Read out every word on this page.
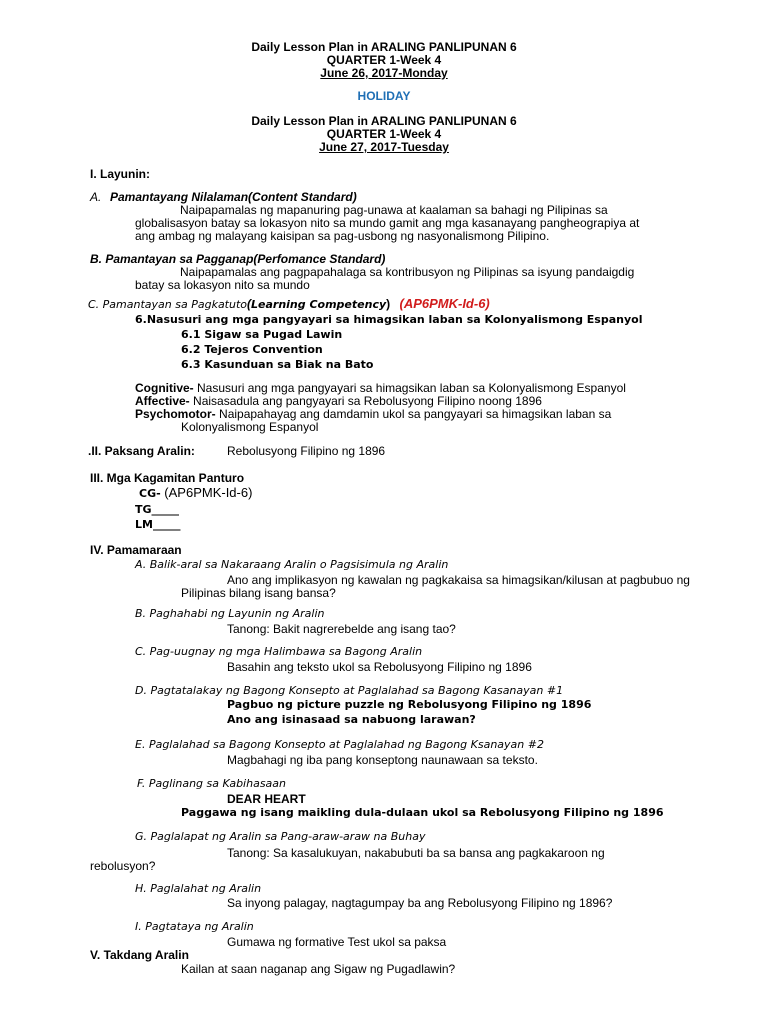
Daily Lesson Plan in ARALING PANLIPUNAN 6
QUARTER 1-Week 4
June 26, 2017-Monday
HOLIDAY
Daily Lesson Plan in ARALING PANLIPUNAN 6
QUARTER 1-Week 4
June 27, 2017-Tuesday
I. Layunin:
A. Pamantayang Nilalaman(Content Standard)
Naipapamalas ng mapanuring pag-unawa at kaalaman sa bahagi ng Pilipinas sa
globalisasyon batay sa lokasyon nito sa mundo gamit ang mga kasanayang pangheograpiya at
ang ambag ng malayang kaisipan sa pag-usbong ng nasyonalismong Pilipino.
B. Pamantayan sa Pagganap(Perfomance Standard)
Naipapamalas ang pagpapahalaga sa kontribusyon ng Pilipinas sa isyung pandaigdig
batay sa lokasyon nito sa mundo
C. Pamantayan sa Pagkatuto(Learning Competency) (AP6PMK-Id-6)
6.Nasusuri ang mga pangyayari sa himagsikan laban sa Kolonyalismong Espanyol
6.1 Sigaw sa Pugad Lawin
6.2 Tejeros Convention
6.3 Kasunduan sa Biak na Bato
Cognitive- Nasusuri ang mga pangyayari sa himagsikan laban sa Kolonyalismong Espanyol
Affective- Naisasadula ang pangyayari sa Rebolusyong Filipino noong 1896
Psychomotor- Naipapahayag ang damdamin ukol sa pangyayari sa himagsikan laban sa
Kolonyalismong Espanyol
.II. Paksang Aralin:	Rebolusyong Filipino ng 1896
III. Mga Kagamitan Panturo
CG- (AP6PMK-Id-6)
TG_____
LM_____
IV. Pamamaraan
A. Balik-aral sa Nakaraang Aralin o Pagsisimula ng Aralin
Ano ang implikasyon ng kawalan ng pagkakaisa sa himagsikan/kilusan at pagbubuo ng
Pilipinas bilang isang bansa?
B. Paghahabi ng Layunin ng Aralin
Tanong: Bakit nagrerebelde ang isang tao?
C. Pag-uugnay ng mga Halimbawa sa Bagong Aralin
Basahin ang teksto ukol sa Rebolusyong Filipino ng 1896
D. Pagtatalakay ng Bagong Konsepto at Paglalahad sa Bagong Kasanayan #1
Pagbuo ng picture puzzle ng Rebolusyong Filipino ng 1896
Ano ang isinasaad sa nabuong larawan?
E. Paglalahad sa Bagong Konsepto at Paglalahad ng Bagong Ksanayan #2
Magbahagi ng iba pang konseptong naunawaan sa teksto.
F. Paglinang sa Kabihasaan
DEAR HEART
Paggawa ng isang maikling dula-dulaan ukol sa Rebolusyong Filipino ng 1896
G. Paglalapat ng Aralin sa Pang-araw-araw na Buhay
Tanong: Sa kasalukuyan, nakabubuti ba sa bansa ang pagkakaroon ng
rebolusyon?
H. Paglalahat ng Aralin
Sa inyong palagay, nagtagumpay ba ang Rebolusyong Filipino ng 1896?
I. Pagtataya ng Aralin
Gumawa ng formative Test ukol sa paksa
V. Takdang Aralin
Kailan at saan naganap ang Sigaw ng Pugadlawin?
